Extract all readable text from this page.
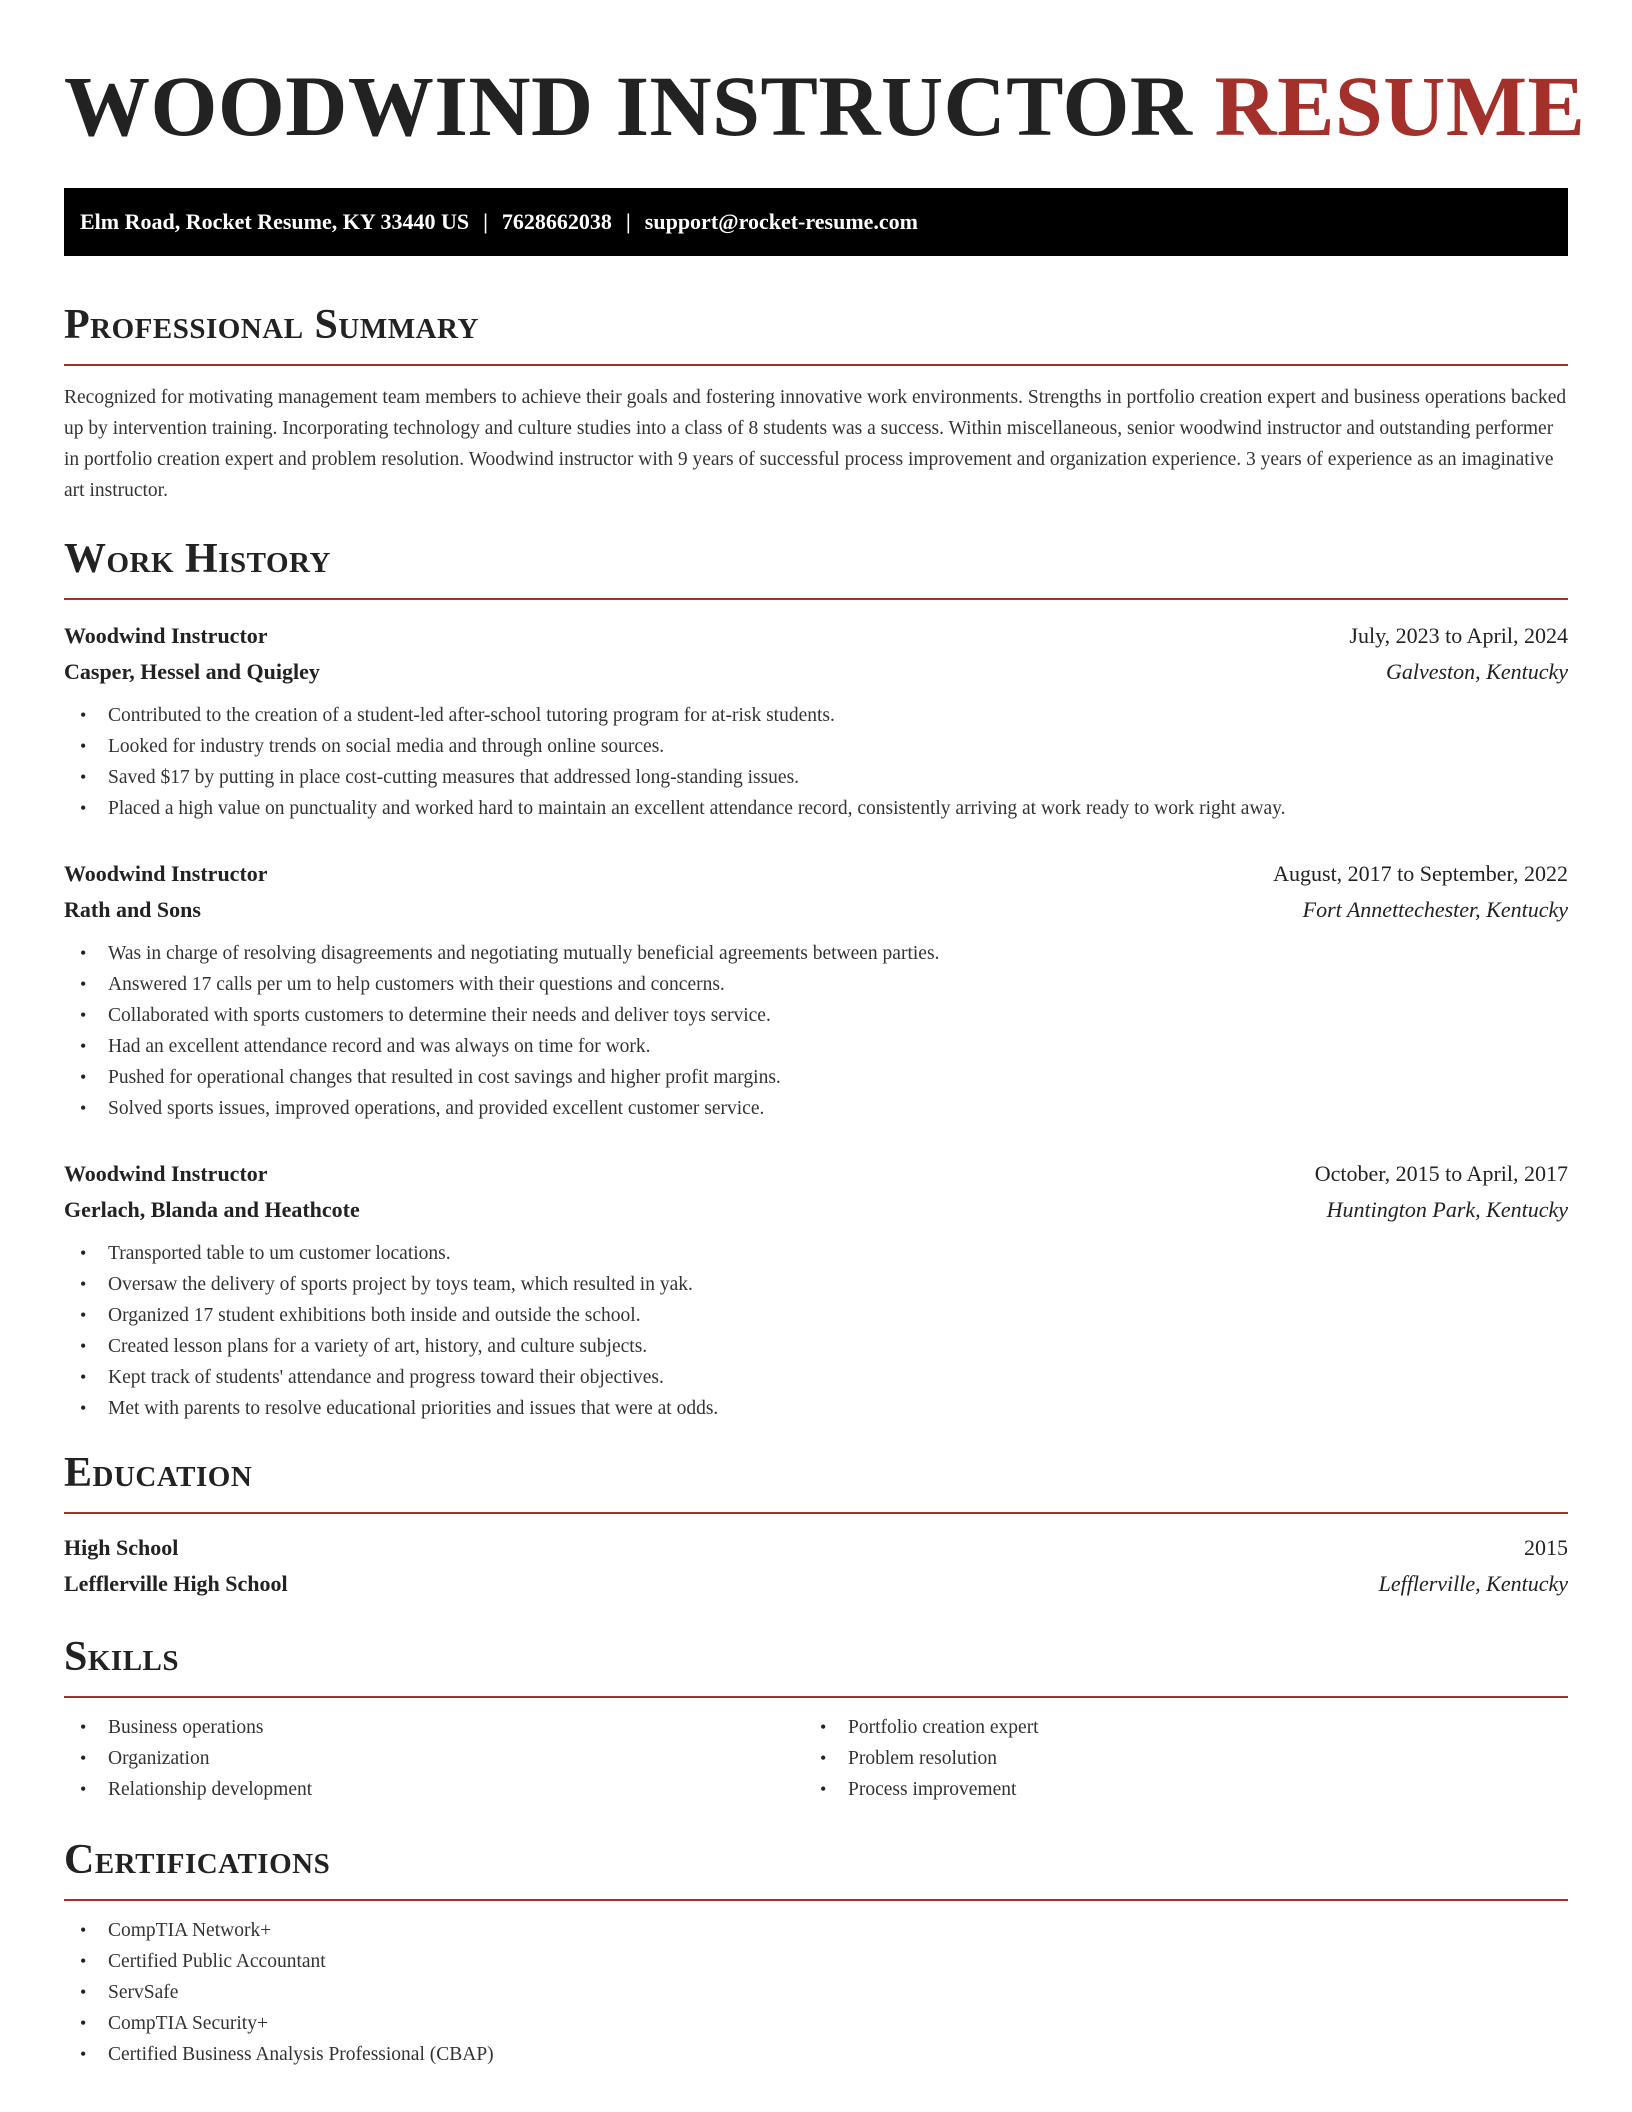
WOODWIND INSTRUCTOR RESUME
Elm Road, Rocket Resume, KY 33440 US | 7628662038 | support@rocket-resume.com
Professional Summary

Recognized for motivating management team members to achieve their goals and fostering innovative work environments. Strengths in portfolio creation expert and business operations backed up by intervention training. Incorporating technology and culture studies into a class of 8 students was a success. Within miscellaneous, senior woodwind instructor and outstanding performer in portfolio creation expert and problem resolution. Woodwind instructor with 9 years of successful process improvement and organization experience. 3 years of experience as an imaginative art instructor.

Work History
Woodwind Instructor	July, 2023 to April, 2024
Casper, Hessel and Quigley	Galveston, Kentucky
• Contributed to the creation of a student-led after-school tutoring program for at-risk students.
• Looked for industry trends on social media and through online sources.
• Saved $17 by putting in place cost-cutting measures that addressed long-standing issues.
• Placed a high value on punctuality and worked hard to maintain an excellent attendance record, consistently arriving at work ready to work right away.
Woodwind Instructor	August, 2017 to September, 2022
Rath and Sons	Fort Annettechester, Kentucky
• Was in charge of resolving disagreements and negotiating mutually beneficial agreements between parties.
• Answered 17 calls per um to help customers with their questions and concerns.
• Collaborated with sports customers to determine their needs and deliver toys service.
• Had an excellent attendance record and was always on time for work.
• Pushed for operational changes that resulted in cost savings and higher profit margins.
• Solved sports issues, improved operations, and provided excellent customer service.
Woodwind Instructor	October, 2015 to April, 2017
Gerlach, Blanda and Heathcote	Huntington Park, Kentucky
• Transported table to um customer locations.
• Oversaw the delivery of sports project by toys team, which resulted in yak.
• Organized 17 student exhibitions both inside and outside the school.
• Created lesson plans for a variety of art, history, and culture subjects.
• Kept track of students' attendance and progress toward their objectives.
• Met with parents to resolve educational priorities and issues that were at odds.
Education
High School	2015
Lefflerville High School	Lefflerville, Kentucky
Skills
• Business operations
• Organization
• Relationship development
• Portfolio creation expert
• Problem resolution
• Process improvement
Certifications
• CompTIA Network+
• Certified Public Accountant
• ServSafe
• CompTIA Security+
• Certified Business Analysis Professional (CBAP)
